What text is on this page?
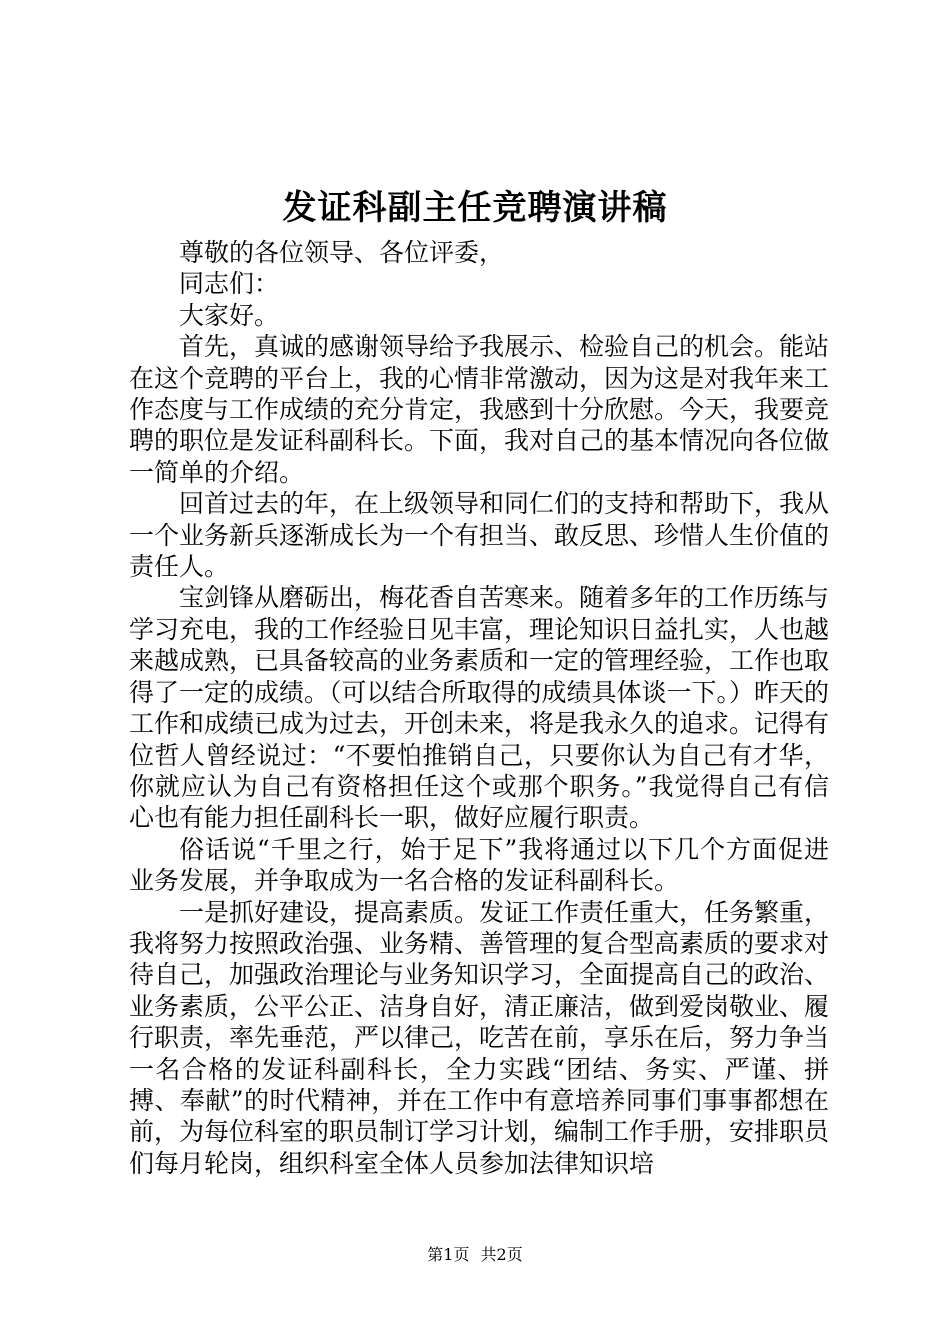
发证科副主任竞聘演讲稿

尊敬的各位领导、各位评委，

同志们：

大家好。

首先，真诚的感谢领导给予我展示、检验自己的机会。能站在这个竞聘的平台上，我的心情非常激动，因为这是对我年来工作态度与工作成绩的充分肯定，我感到十分欣慰。今天，我要竞聘的职位是发证科副科长。下面，我对自己的基本情况向各位做一简单的介绍。

回首过去的年，在上级领导和同仁们的支持和帮助下，我从一个业务新兵逐渐成长为一个有担当、敢反思、珍惜人生价值的责任人。

宝剑锋从磨砺出，梅花香自苦寒来。随着多年的工作历练与学习充电，我的工作经验日见丰富，理论知识日益扎实，人也越来越成熟，已具备较高的业务素质和一定的管理经验，工作也取得了一定的成绩。（可以结合所取得的成绩具体谈一下。）昨天的工作和成绩已成为过去，开创未来，将是我永久的追求。记得有位哲人曾经说过：“不要怕推销自己，只要你认为自己有才华，你就应认为自己有资格担任这个或那个职务。”我觉得自己有信心也有能力担任副科长一职，做好应履行职责。

俗话说“千里之行，始于足下”我将通过以下几个方面促进业务发展，并争取成为一名合格的发证科副科长。

一是抓好建设，提高素质。发证工作责任重大，任务繁重，我将努力按照政治强、业务精、善管理的复合型高素质的要求对待自己，加强政治理论与业务知识学习，全面提高自己的政治、业务素质，公平公正、洁身自好，清正廉洁，做到爱岗敬业、履行职责，率先垂范，严以律己，吃苦在前，享乐在后，努力争当一名合格的发证科副科长，全力实践“团结、务实、严谨、拼搏、奉献”的时代精神，并在工作中有意培养同事们事事都想在前，为每位科室的职员制订学习计划，编制工作手册，安排职员们每月轮岗，组织科室全体人员参加法律知识培

第1页 共2页
